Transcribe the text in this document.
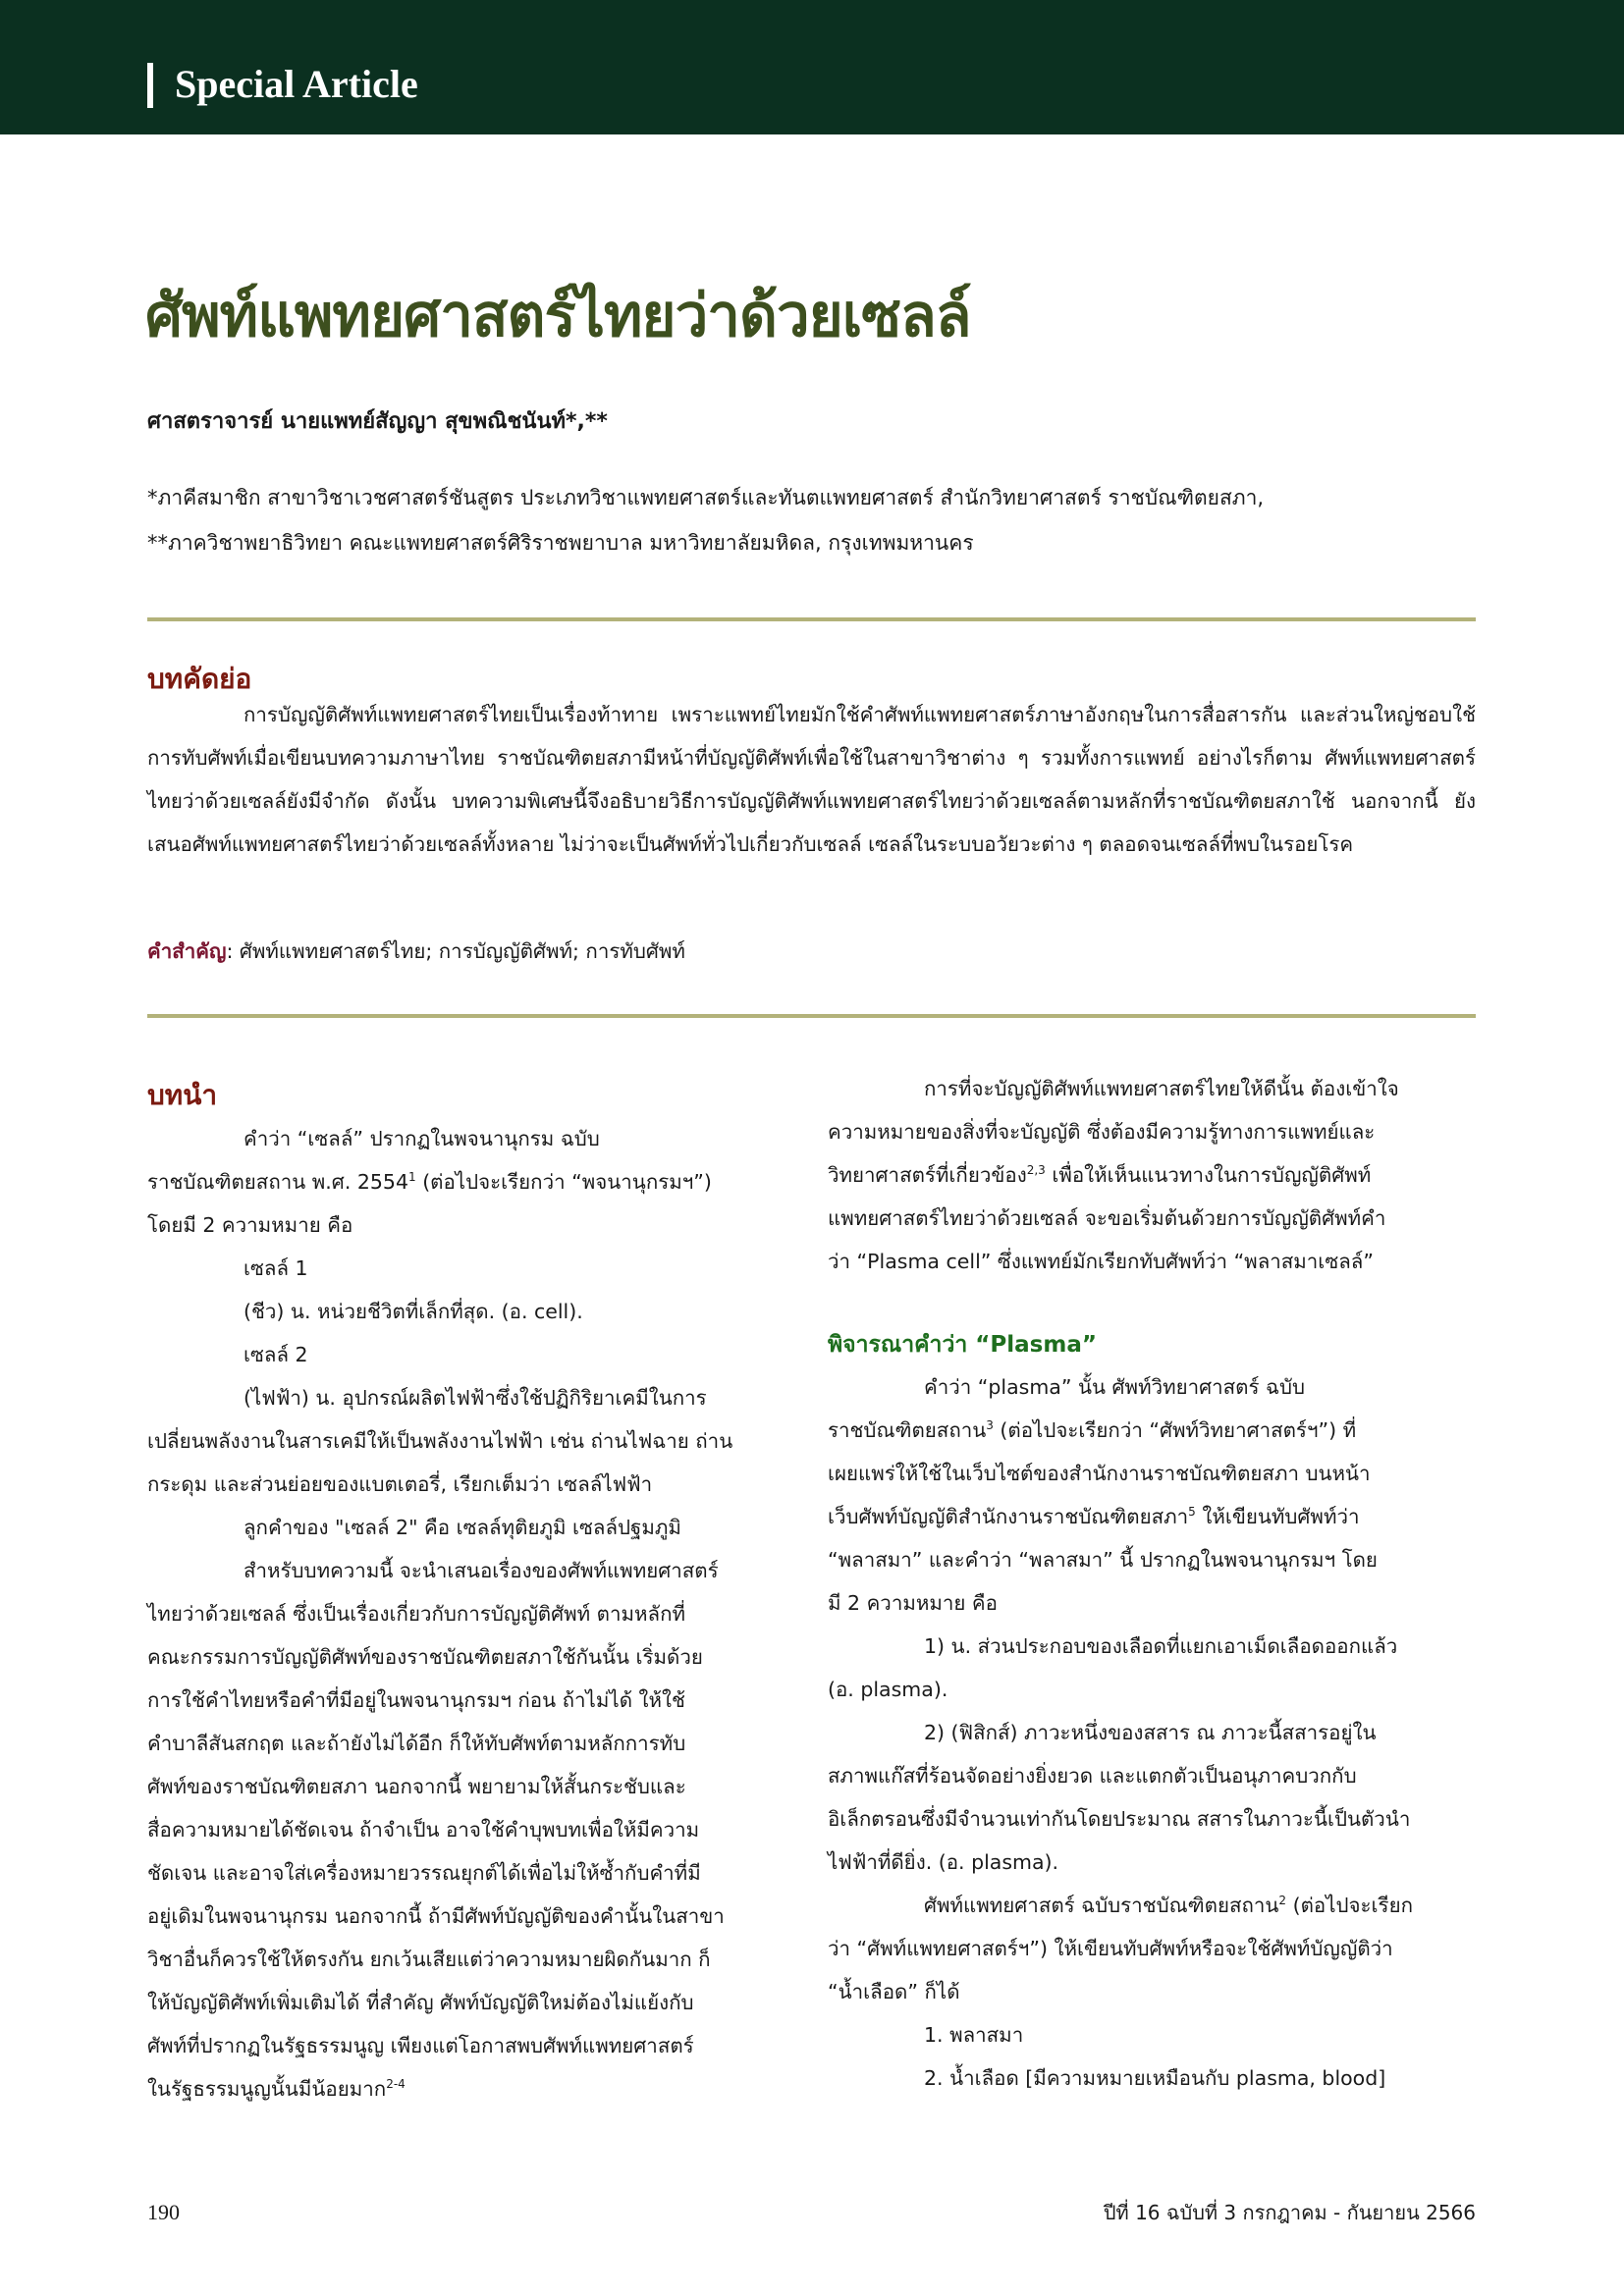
Special Article
ศัพท์แพทยศาสตร์ไทยว่าด้วยเซลล์
ศาสตราจารย์ นายแพทย์สัญญา สุขพณิชนันท์*,**
*ภาคีสมาชิก สาขาวิชาเวชศาสตร์ชันสูตร ประเภทวิชาแพทยศาสตร์และทันตแพทยศาสตร์ สำนักวิทยาศาสตร์ ราชบัณฑิตยสภา,
**ภาควิชาพยาธิวิทยา คณะแพทยศาสตร์ศิริราชพยาบาล มหาวิทยาลัยมหิดล, กรุงเทพมหานคร
บทคัดย่อ
การบัญญัติศัพท์แพทยศาสตร์ไทยเป็นเรื่องท้าทาย เพราะแพทย์ไทยมักใช้คำศัพท์แพทยศาสตร์ภาษาอังกฤษในการสื่อสารกัน และส่วนใหญ่ชอบใช้การทับศัพท์เมื่อเขียนบทความภาษาไทย ราชบัณฑิตยสภามีหน้าที่บัญญัติศัพท์เพื่อใช้ในสาขาวิชาต่าง ๆ รวมทั้งการแพทย์ อย่างไรก็ตาม ศัพท์แพทยศาสตร์ไทยว่าด้วยเซลล์ยังมีจำกัด ดังนั้น บทความพิเศษนี้จึงอธิบายวิธีการบัญญัติศัพท์แพทยศาสตร์ไทยว่าด้วยเซลล์ตามหลักที่ราชบัณฑิตยสภาใช้ นอกจากนี้ ยังเสนอศัพท์แพทยศาสตร์ไทยว่าด้วยเซลล์ทั้งหลาย ไม่ว่าจะเป็นศัพท์ทั่วไปเกี่ยวกับเซลล์ เซลล์ในระบบอวัยวะต่าง ๆ ตลอดจนเซลล์ที่พบในรอยโรค
คำสำคัญ: ศัพท์แพทยศาสตร์ไทย; การบัญญัติศัพท์; การทับศัพท์
บทนำ
คำว่า “เซลล์” ปรากฏในพจนานุกรม ฉบับ
ราชบัณฑิตยสถาน พ.ศ. 2554$^1$ (ต่อไปจะเรียกว่า “พจนานุกรมฯ”)
โดยมี 2 ความหมาย คือ
เซลล์ 1
(ชีว) น. หน่วยชีวิตที่เล็กที่สุด. (อ. cell).
เซลล์ 2
(ไฟฟ้า) น. อุปกรณ์ผลิตไฟฟ้าซึ่งใช้ปฏิกิริยาเคมีในการ
เปลี่ยนพลังงานในสารเคมีให้เป็นพลังงานไฟฟ้า เช่น ถ่านไฟฉาย ถ่าน
กระดุม และส่วนย่อยของแบตเตอรี่, เรียกเต็มว่า เซลล์ไฟฟ้า
ลูกคำของ "เซลล์ 2" คือ เซลล์ทุติยภูมิ เซลล์ปฐมภูมิ
สำหรับบทความนี้ จะนำเสนอเรื่องของศัพท์แพทยศาสตร์
ไทยว่าด้วยเซลล์ ซึ่งเป็นเรื่องเกี่ยวกับการบัญญัติศัพท์ ตามหลักที่
คณะกรรมการบัญญัติศัพท์ของราชบัณฑิตยสภาใช้กันนั้น เริ่มด้วย
การใช้คำไทยหรือคำที่มีอยู่ในพจนานุกรมฯ ก่อน ถ้าไม่ได้ ให้ใช้
คำบาลีสันสกฤต และถ้ายังไม่ได้อีก ก็ให้ทับศัพท์ตามหลักการทับ
ศัพท์ของราชบัณฑิตยสภา นอกจากนี้ พยายามให้สั้นกระชับและ
สื่อความหมายได้ชัดเจน ถ้าจำเป็น อาจใช้คำบุพบทเพื่อให้มีความ
ชัดเจน และอาจใส่เครื่องหมายวรรณยุกต์ได้เพื่อไม่ให้ซ้ำกับคำที่มี
อยู่เดิมในพจนานุกรม นอกจากนี้ ถ้ามีศัพท์บัญญัติของคำนั้นในสาขา
วิชาอื่นก็ควรใช้ให้ตรงกัน ยกเว้นเสียแต่ว่าความหมายผิดกันมาก ก็
ให้บัญญัติศัพท์เพิ่มเติมได้ ที่สำคัญ ศัพท์บัญญัติใหม่ต้องไม่แย้งกับ
ศัพท์ที่ปรากฏในรัฐธรรมนูญ เพียงแต่โอกาสพบศัพท์แพทยศาสตร์
ในรัฐธรรมนูญนั้นมีน้อยมาก$^{2-4}$
การที่จะบัญญัติศัพท์แพทยศาสตร์ไทยให้ดีนั้น ต้องเข้าใจ
ความหมายของสิ่งที่จะบัญญัติ ซึ่งต้องมีความรู้ทางการแพทย์และ
วิทยาศาสตร์ที่เกี่ยวข้อง$^{2,3}$ เพื่อให้เห็นแนวทางในการบัญญัติศัพท์
แพทยศาสตร์ไทยว่าด้วยเซลล์ จะขอเริ่มต้นด้วยการบัญญัติศัพท์คำ
ว่า “Plasma cell” ซึ่งแพทย์มักเรียกทับศัพท์ว่า “พลาสมาเซลล์”
พิจารณาคำว่า “Plasma”
คำว่า “plasma” นั้น ศัพท์วิทยาศาสตร์ ฉบับ
ราชบัณฑิตยสถาน$^3$ (ต่อไปจะเรียกว่า “ศัพท์วิทยาศาสตร์ฯ”) ที่
เผยแพร่ให้ใช้ในเว็บไซต์ของสำนักงานราชบัณฑิตยสภา บนหน้า
เว็บศัพท์บัญญัติสำนักงานราชบัณฑิตยสภา$^5$ ให้เขียนทับศัพท์ว่า
“พลาสมา” และคำว่า “พลาสมา” นี้ ปรากฏในพจนานุกรมฯ โดย
มี 2 ความหมาย คือ
1) น. ส่วนประกอบของเลือดที่แยกเอาเม็ดเลือดออกแล้ว
(อ. plasma).
2) (ฟิสิกส์) ภาวะหนึ่งของสสาร ณ ภาวะนี้สสารอยู่ใน
สภาพแก๊สที่ร้อนจัดอย่างยิ่งยวด และแตกตัวเป็นอนุภาคบวกกับ
อิเล็กตรอนซึ่งมีจำนวนเท่ากันโดยประมาณ สสารในภาวะนี้เป็นตัวนำ
ไฟฟ้าที่ดียิ่ง. (อ. plasma).
ศัพท์แพทยศาสตร์ ฉบับราชบัณฑิตยสถาน$^2$ (ต่อไปจะเรียก
ว่า “ศัพท์แพทยศาสตร์ฯ”) ให้เขียนทับศัพท์หรือจะใช้ศัพท์บัญญัติว่า
“น้ำเลือด” ก็ได้
1. พลาสมา
2. น้ำเลือด [มีความหมายเหมือนกับ plasma, blood]
190	ปีที่ 16 ฉบับที่ 3 กรกฎาคม - กันยายน 2566
